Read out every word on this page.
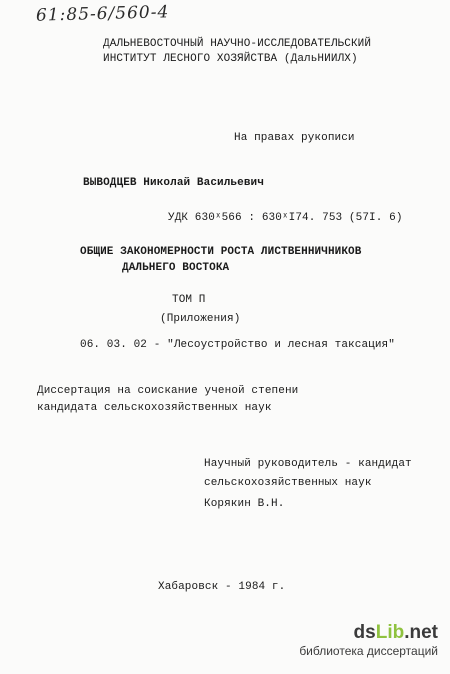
61:85-6/560-4
ДАЛЬНЕВОСТОЧНЫЙ НАУЧНО-ИССЛЕДОВАТЕЛЬСКИЙ
ИНСТИТУТ ЛЕСНОГО ХОЗЯЙСТВА (ДальНИИЛХ)
На правах рукописи
ВЫВОДЦЕВ Николай Васильевич
УДК 630ˣ566 : 630ˣI74. 753 (57I. 6)
ОБЩИЕ ЗАКОНОМЕРНОСТИ РОСТА ЛИСТВЕННИЧНИКОВ
ДАЛЬНЕГО ВОСТОКА
ТОМ П
(Приложения)
06. 03. 02 - "Лесоустройство и лесная таксация"
Диссертация на соискание ученой степени
кандидата сельскохозяйственных наук
Научный руководитель - кандидат
сельскохозяйственных наук
Корякин В.Н.
Хабаровск - 1984 г.
dsLib.net
библиотека диссертаций
